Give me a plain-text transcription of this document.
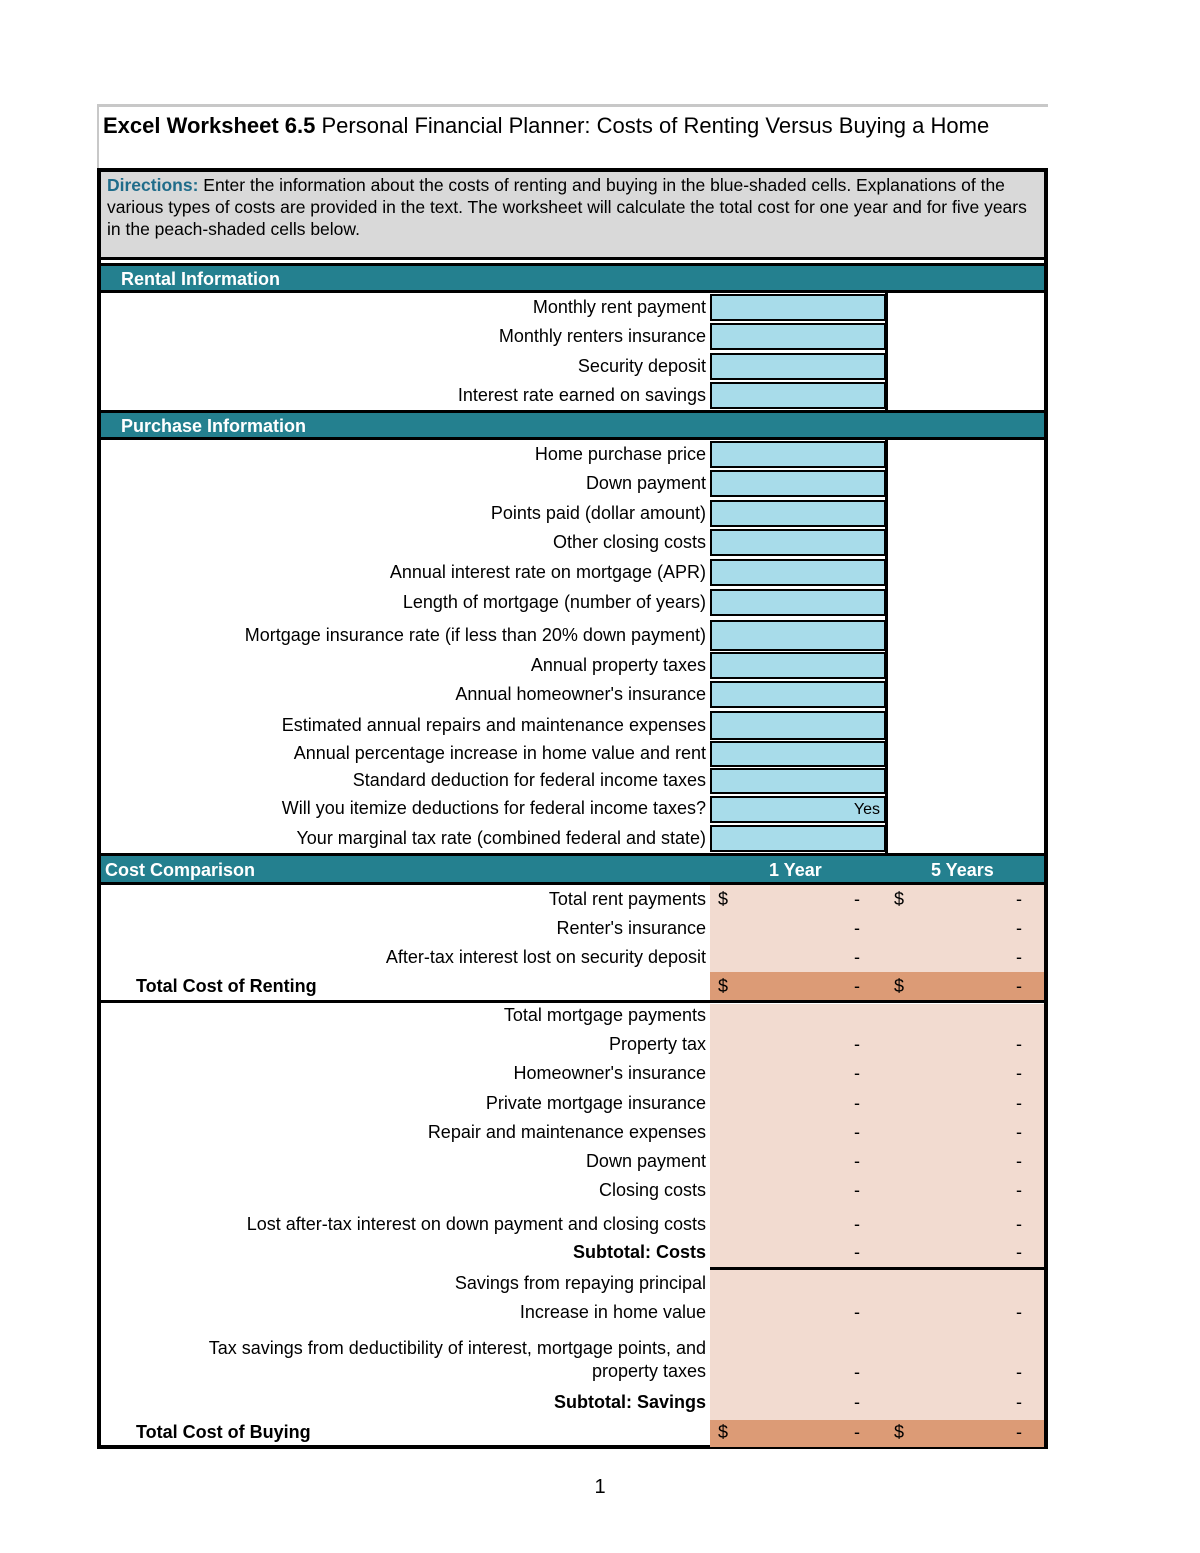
Excel Worksheet 6.5 Personal Financial Planner: Costs of Renting Versus Buying a Home
Directions: Enter the information about the costs of renting and buying in the blue-shaded cells. Explanations of the various types of costs are provided in the text. The worksheet will calculate the total cost for one year and for five years in the peach-shaded cells below.
Rental Information
Monthly rent payment
Monthly renters insurance
Security deposit
Interest rate earned on savings
Purchase Information
Home purchase price
Down payment
Points paid (dollar amount)
Other closing costs
Annual interest rate on mortgage (APR)
Length of mortgage (number of years)
Mortgage insurance rate (if less than 20% down payment)
Annual property taxes
Annual homeowner's insurance
Estimated annual repairs and maintenance expenses
Annual percentage increase in home value and rent
Standard deduction for federal income taxes
Will you itemize deductions for federal income taxes?	Yes
Your marginal tax rate (combined federal and state)
Cost Comparison	1 Year	5 Years
Total rent payments $	- $	-
Renter's insurance	-	-
After-tax interest lost on security deposit	-	-
Total Cost of Renting	$	- $	-
Total mortgage payments
Property tax	-	-
Homeowner's insurance	-	-
Private mortgage insurance	-	-
Repair and maintenance expenses	-	-
Down payment	-	-
Closing costs	-	-
Lost after-tax interest on down payment and closing costs	-	-
Subtotal: Costs	-	-
Savings from repaying principal
Increase in home value	-	-
Tax savings from deductibility of interest, mortgage points, and
property taxes	-	-
Subtotal: Savings	-	-
Total Cost of Buying	$	- $	-
1
